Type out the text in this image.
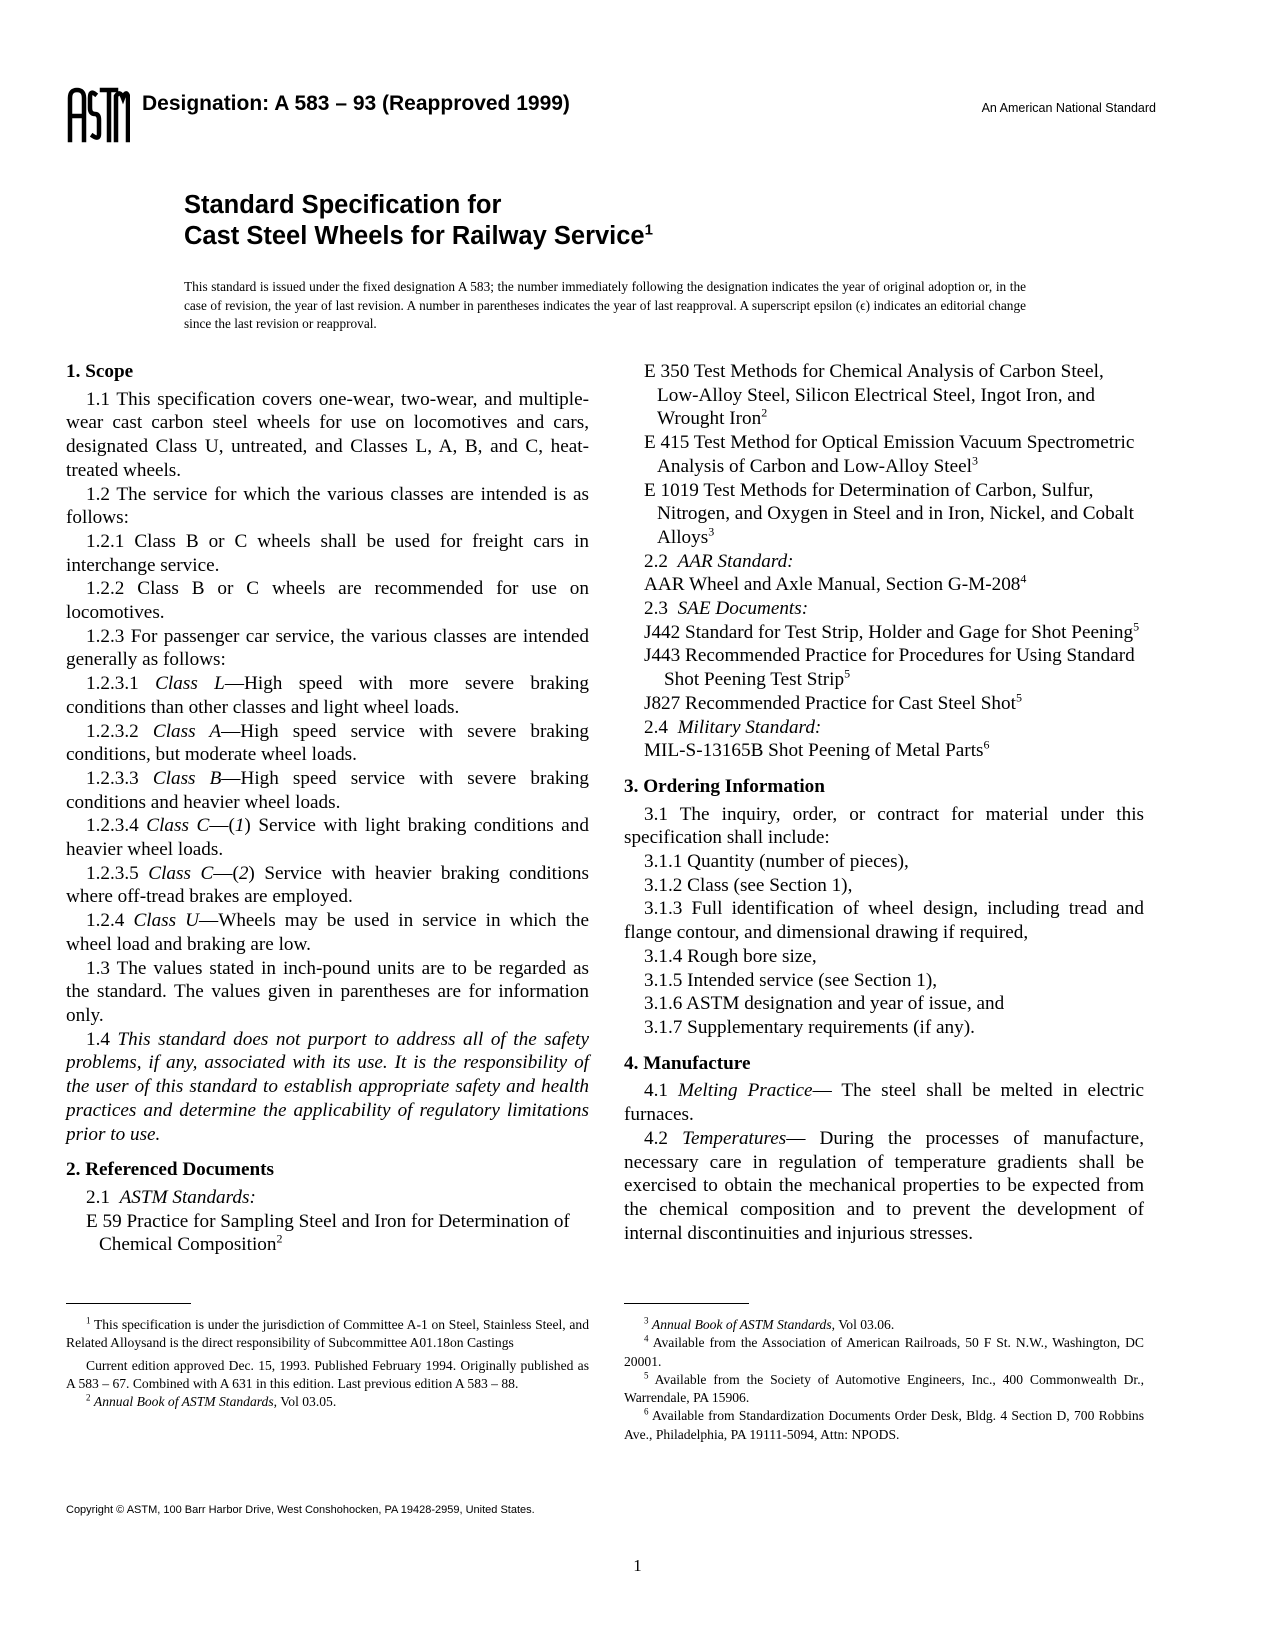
Designation: A 583 – 93 (Reapproved 1999)	An American National Standard
Standard Specification for
Cast Steel Wheels for Railway Service$^1$
This standard is issued under the fixed designation A 583; the number immediately following the designation indicates the year of original adoption or, in the case of revision, the year of last revision. A number in parentheses indicates the year of last reapproval. A superscript epsilon (ϵ) indicates an editorial change since the last revision or reapproval.
1. Scope

1.1 This specification covers one-wear, two-wear, and multiple-wear cast carbon steel wheels for use on locomotives and cars, designated Class U, untreated, and Classes L, A, B, and C, heat-treated wheels.

1.2 The service for which the various classes are intended is as follows:

1.2.1 Class B or C wheels shall be used for freight cars in interchange service.

1.2.2 Class B or C wheels are recommended for use on locomotives.

1.2.3 For passenger car service, the various classes are intended generally as follows:

1.2.3.1 Class L—High speed with more severe braking conditions than other classes and light wheel loads.

1.2.3.2 Class A—High speed service with severe braking conditions, but moderate wheel loads.

1.2.3.3 Class B—High speed service with severe braking conditions and heavier wheel loads.

1.2.3.4 Class C—(1) Service with light braking conditions and heavier wheel loads.

1.2.3.5 Class C—(2) Service with heavier braking conditions where off-tread brakes are employed.

1.2.4 Class U—Wheels may be used in service in which the wheel load and braking are low.

1.3 The values stated in inch-pound units are to be regarded as the standard. The values given in parentheses are for information only.

1.4 This standard does not purport to address all of the safety problems, if any, associated with its use. It is the responsibility of the user of this standard to establish appropriate safety and health practices and determine the applicability of regulatory limitations prior to use.

2. Referenced Documents

2.1 ASTM Standards:

E 59 Practice for Sampling Steel and Iron for Determination of Chemical Composition$^2$

E 350 Test Methods for Chemical Analysis of Carbon Steel, Low-Alloy Steel, Silicon Electrical Steel, Ingot Iron, and Wrought Iron$^2$

E 415 Test Method for Optical Emission Vacuum Spectrometric Analysis of Carbon and Low-Alloy Steel$^3$

E 1019 Test Methods for Determination of Carbon, Sulfur, Nitrogen, and Oxygen in Steel and in Iron, Nickel, and Cobalt Alloys$^3$

2.2 AAR Standard:

AAR Wheel and Axle Manual, Section $G-M-208^4$

2.3 SAE Documents:

J442 Standard for Test Strip, Holder and Gage for Shot Peening$^5$

J443 Recommended Practice for Procedures for Using Standard Shot Peening Test Strip$^5$

J827 Recommended Practice for Cast Steel Shot$^5$

2.4 Military Standard:

MIL-S-13165B Shot Peening of Metal Parts$^6$

3. Ordering Information

3.1 The inquiry, order, or contract for material under this specification shall include:

3.1.1 Quantity (number of pieces),

3.1.2 Class (see Section 1),

3.1.3 Full identification of wheel design, including tread and flange contour, and dimensional drawing if required,

3.1.4 Rough bore size,

3.1.5 Intended service (see Section 1),

3.1.6 ASTM designation and year of issue, and

3.1.7 Supplementary requirements (if any).

4. Manufacture

4.1 Melting Practice— The steel shall be melted in electric furnaces.

4.2 Temperatures— During the processes of manufacture, necessary care in regulation of temperature gradients shall be exercised to obtain the mechanical properties to be expected from the chemical composition and to prevent the development of internal discontinuities and injurious stresses.

$^1$ This specification is under the jurisdiction of Committee A-1 on Steel, Stainless Steel, and Related Alloysand is the direct responsibility of Subcommittee A01.18on Castings

Current edition approved Dec. 15, 1993. Published February 1994. Originally published as A 583 – 67. Combined with A 631 in this edition. Last previous edition A 583 – 88.

$^2$ Annual Book of ASTM Standards, Vol 03.05.

$^3$ Annual Book of ASTM Standards, Vol 03.06.

$^4$ Available from the Association of American Railroads, 50 F St. N.W., Washington, DC 20001.

$^5$ Available from the Society of Automotive Engineers, Inc., 400 Commonwealth Dr., Warrendale, PA 15906.

$^6$ Available from Standardization Documents Order Desk, Bldg. 4 Section D, 700 Robbins Ave., Philadelphia, PA 19111-5094, Attn: NPODS.

Copyright © ASTM, 100 Barr Harbor Drive, West Conshohocken, PA 19428-2959, United States.
1
